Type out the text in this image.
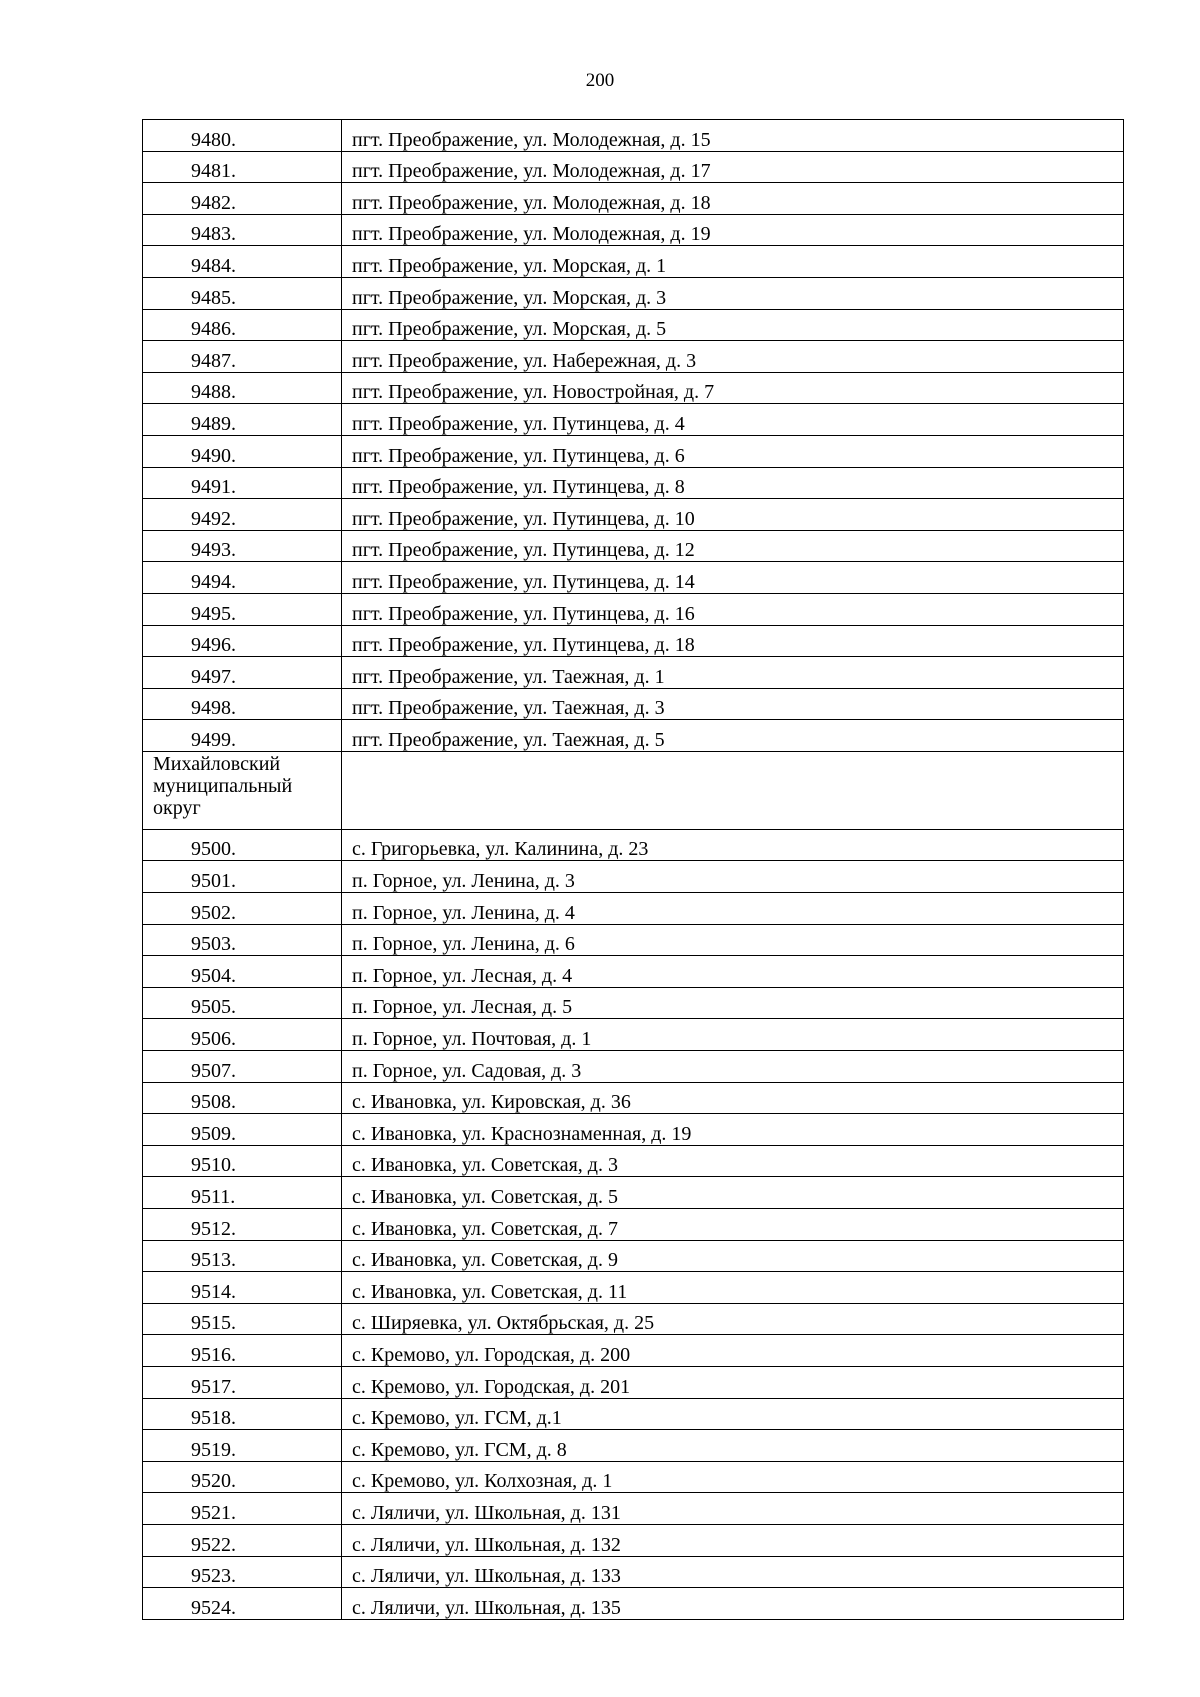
200
9480.	пгт. Преображение, ул. Молодежная, д. 15
9481.	пгт. Преображение, ул. Молодежная, д. 17
9482.	пгт. Преображение, ул. Молодежная, д. 18
9483.	пгт. Преображение, ул. Молодежная, д. 19
9484.	пгт. Преображение, ул. Морская, д. 1
9485.	пгт. Преображение, ул. Морская, д. 3
9486.	пгт. Преображение, ул. Морская, д. 5
9487.	пгт. Преображение, ул. Набережная, д. 3
9488.	пгт. Преображение, ул. Новостройная, д. 7
9489.	пгт. Преображение, ул. Путинцева, д. 4
9490.	пгт. Преображение, ул. Путинцева, д. 6
9491.	пгт. Преображение, ул. Путинцева, д. 8
9492.	пгт. Преображение, ул. Путинцева, д. 10
9493.	пгт. Преображение, ул. Путинцева, д. 12
9494.	пгт. Преображение, ул. Путинцева, д. 14
9495.	пгт. Преображение, ул. Путинцева, д. 16
9496.	пгт. Преображение, ул. Путинцева, д. 18
9497.	пгт. Преображение, ул. Таежная, д. 1
9498.	пгт. Преображение, ул. Таежная, д. 3
9499.	пгт. Преображение, ул. Таежная, д. 5
Михайловский муниципальный округ	
9500.	с. Григорьевка, ул. Калинина, д. 23
9501.	п. Горное, ул. Ленина, д. 3
9502.	п. Горное, ул. Ленина, д. 4
9503.	п. Горное, ул. Ленина, д. 6
9504.	п. Горное, ул. Лесная, д. 4
9505.	п. Горное, ул. Лесная, д. 5
9506.	п. Горное, ул. Почтовая, д. 1
9507.	п. Горное, ул. Садовая, д. 3
9508.	с. Ивановка, ул. Кировская, д. 36
9509.	с. Ивановка, ул. Краснознаменная, д. 19
9510.	с. Ивановка, ул. Советская, д. 3
9511.	с. Ивановка, ул. Советская, д. 5
9512.	с. Ивановка, ул. Советская, д. 7
9513.	с. Ивановка, ул. Советская, д. 9
9514.	с. Ивановка, ул. Советская, д. 11
9515.	с. Ширяевка, ул. Октябрьская, д. 25
9516.	с. Кремово, ул. Городская, д. 200
9517.	с. Кремово, ул. Городская, д. 201
9518.	с. Кремово, ул. ГСМ, д.1
9519.	с. Кремово, ул. ГСМ, д. 8
9520.	с. Кремово, ул. Колхозная, д. 1
9521.	с. Ляличи, ул. Школьная, д. 131
9522.	с. Ляличи, ул. Школьная, д. 132
9523.	с. Ляличи, ул. Школьная, д. 133
9524.	с. Ляличи, ул. Школьная, д. 135
